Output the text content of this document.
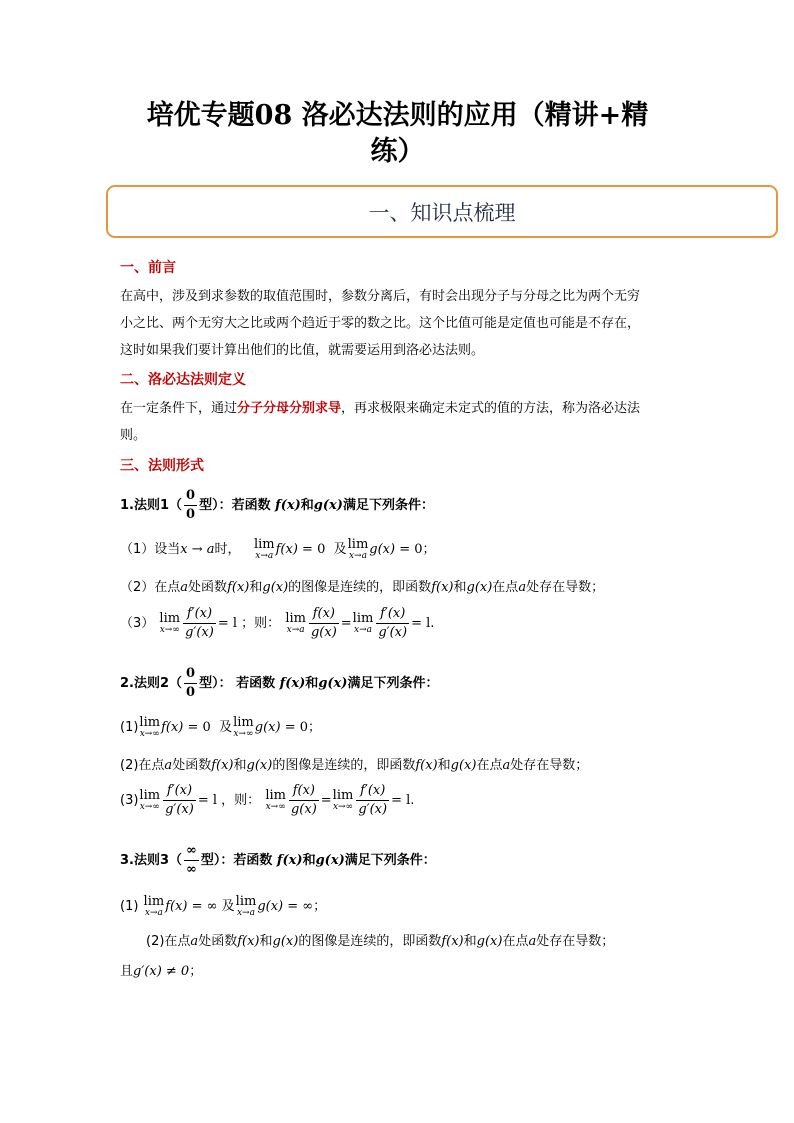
培优专题08 洛必达法则的应用（精讲+精
练）
一、知识点梳理
一、前言
在高中，涉及到求参数的取值范围时，参数分离后，有时会出现分子与分母之比为两个无穷
小之比、两个无穷大之比或两个趋近于零的数之比。这个比值可能是定值也可能是不存在，
这时如果我们要计算出他们的比值，就需要运用到洛必达法则。
二、洛必达法则定义
在一定条件下，通过分子分母分别求导，再求极限来确定未定式的值的方法，称为洛必达法
则。
三、法则形式
1.法则$1( \frac{0}{0}$ 型）：若函数 f(x)和g(x)满足下列条件：
（1）设当x → a时， lim
x→a f(x) = 0 及 lim
x→a g(x) = 0；
（2）在点a处函数f(x)和g(x)的图像是连续的，即函数f(x)和g(x)在点a处存在导数；
（3） lim
$x\to\infty \frac{f'(x)}{g'(x)} = l$ ；则： lim
$x\to a \frac{f(x)}{g(x)} = \lim$
$x\to a \frac{f'(x)}{g'(x)} = l$.
2.法则$2( \frac{0}{0}$ 型）： 若函数 f(x)和g(x)满足下列条件：
(1) lim
x→∞ f(x) = 0 及 lim
x→∞ g(x) = 0；
(2)在点a处函数f(x)和g(x)的图像是连续的，即函数f(x)和g(x)在点a处存在导数；
(3) lim
$x\to\infty \frac{f'(x)}{g'(x)} = l$ ，则： lim
$x\to\infty \frac{f(x)}{g(x)} = \lim$
$x\to\infty \frac{f'(x)}{g'(x)} = l$.
3.法则$3( \frac{\infty}{\infty}$ 型）：若函数 f(x)和g(x)满足下列条件：
(1) lim
x→a f(x) = ∞ 及 lim
x→a g(x) = ∞；
(2)在点a处函数f(x)和g(x)的图像是连续的，即函数f(x)和g(x)在点a处存在导数；
且g′(x) ≠ 0；
